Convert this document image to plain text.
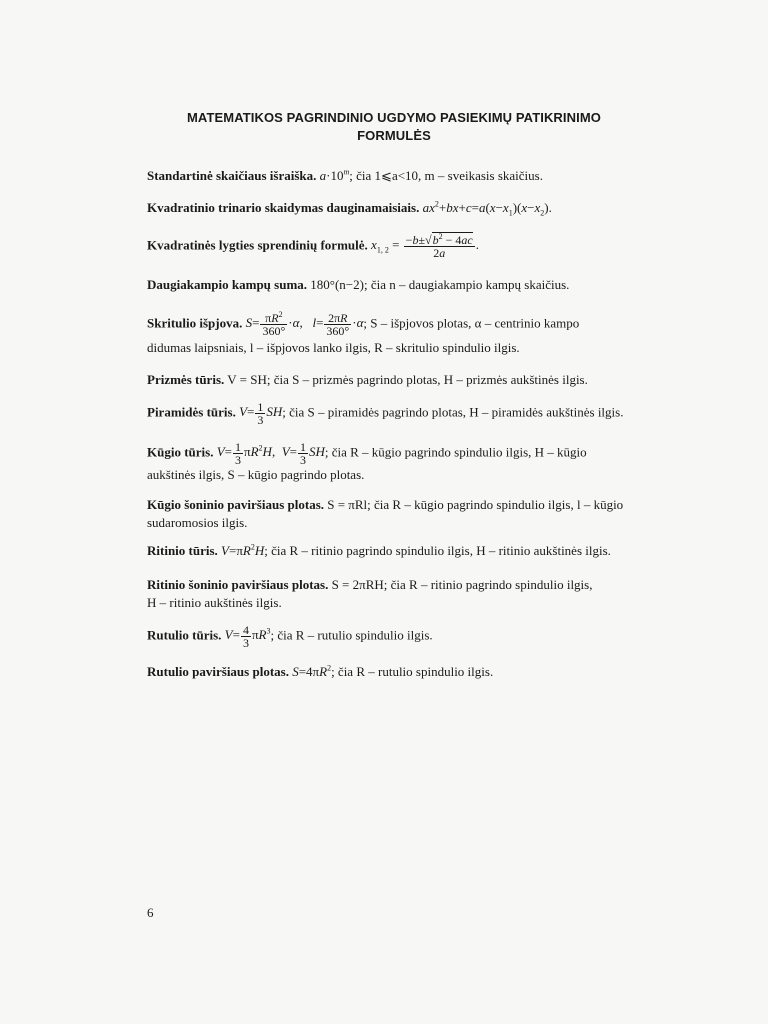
MATEMATIKOS PAGRINDINIO UGDYMO PASIEKIMŲ PATIKRINIMO
FORMULĖS
Standartinė skaičiaus išraiška. $a\cdot 10^m$; čia 1⩽a<10, m – sveikasis skaičius.
Kvadratinio trinario skaidymas dauginamaisiais. $ax^2+bx+c=a(x-x_1)(x-x_2)$.
Kvadratinės lygties sprendinių formulė. $x_{1, 2} = \frac{-b\pm√b^2 - 4ac}{2a}$ .
Daugiakampio kampų suma. 180°(n−2); čia n – daugiakampio kampų skaičius.
Skritulio išpjova. $S= \frac{\pi R^2}{360^\circ} \cdot\alpha$,   $l= \frac{2\pi R}{360^\circ} \cdot\alpha$; S – išpjovos plotas, α – centrinio kampo
didumas laipsniais, l – išpjovos lanko ilgis, R – skritulio spindulio ilgis.
Prizmės tūris. V = SH; čia S – prizmės pagrindo plotas, H – prizmės aukštinės ilgis.
Piramidės tūris. $V= \frac{1}{3}$ SH; čia S – piramidės pagrindo plotas, H – piramidės aukštinės ilgis.
Kūgio tūris. $V= \frac{1}{3} \pi R^2H$,  $V= \frac{1}{3}$ SH; čia R – kūgio pagrindo spindulio ilgis, H – kūgio
aukštinės ilgis, S – kūgio pagrindo plotas.
Kūgio šoninio paviršiaus plotas. S = πRl; čia R – kūgio pagrindo spindulio ilgis, l – kūgio
sudaromosios ilgis.
Ritinio tūris. $V=\pi R^2H$; čia R – ritinio pagrindo spindulio ilgis, H – ritinio aukštinės ilgis.
Ritinio šoninio paviršiaus plotas. S = 2πRH; čia R – ritinio pagrindo spindulio ilgis,
H – ritinio aukštinės ilgis.
Rutulio tūris. $V= \frac{4}{3} \pi R^3$; čia R – rutulio spindulio ilgis.
Rutulio paviršiaus plotas. $S=4\pi R^2$; čia R – rutulio spindulio ilgis.
6
